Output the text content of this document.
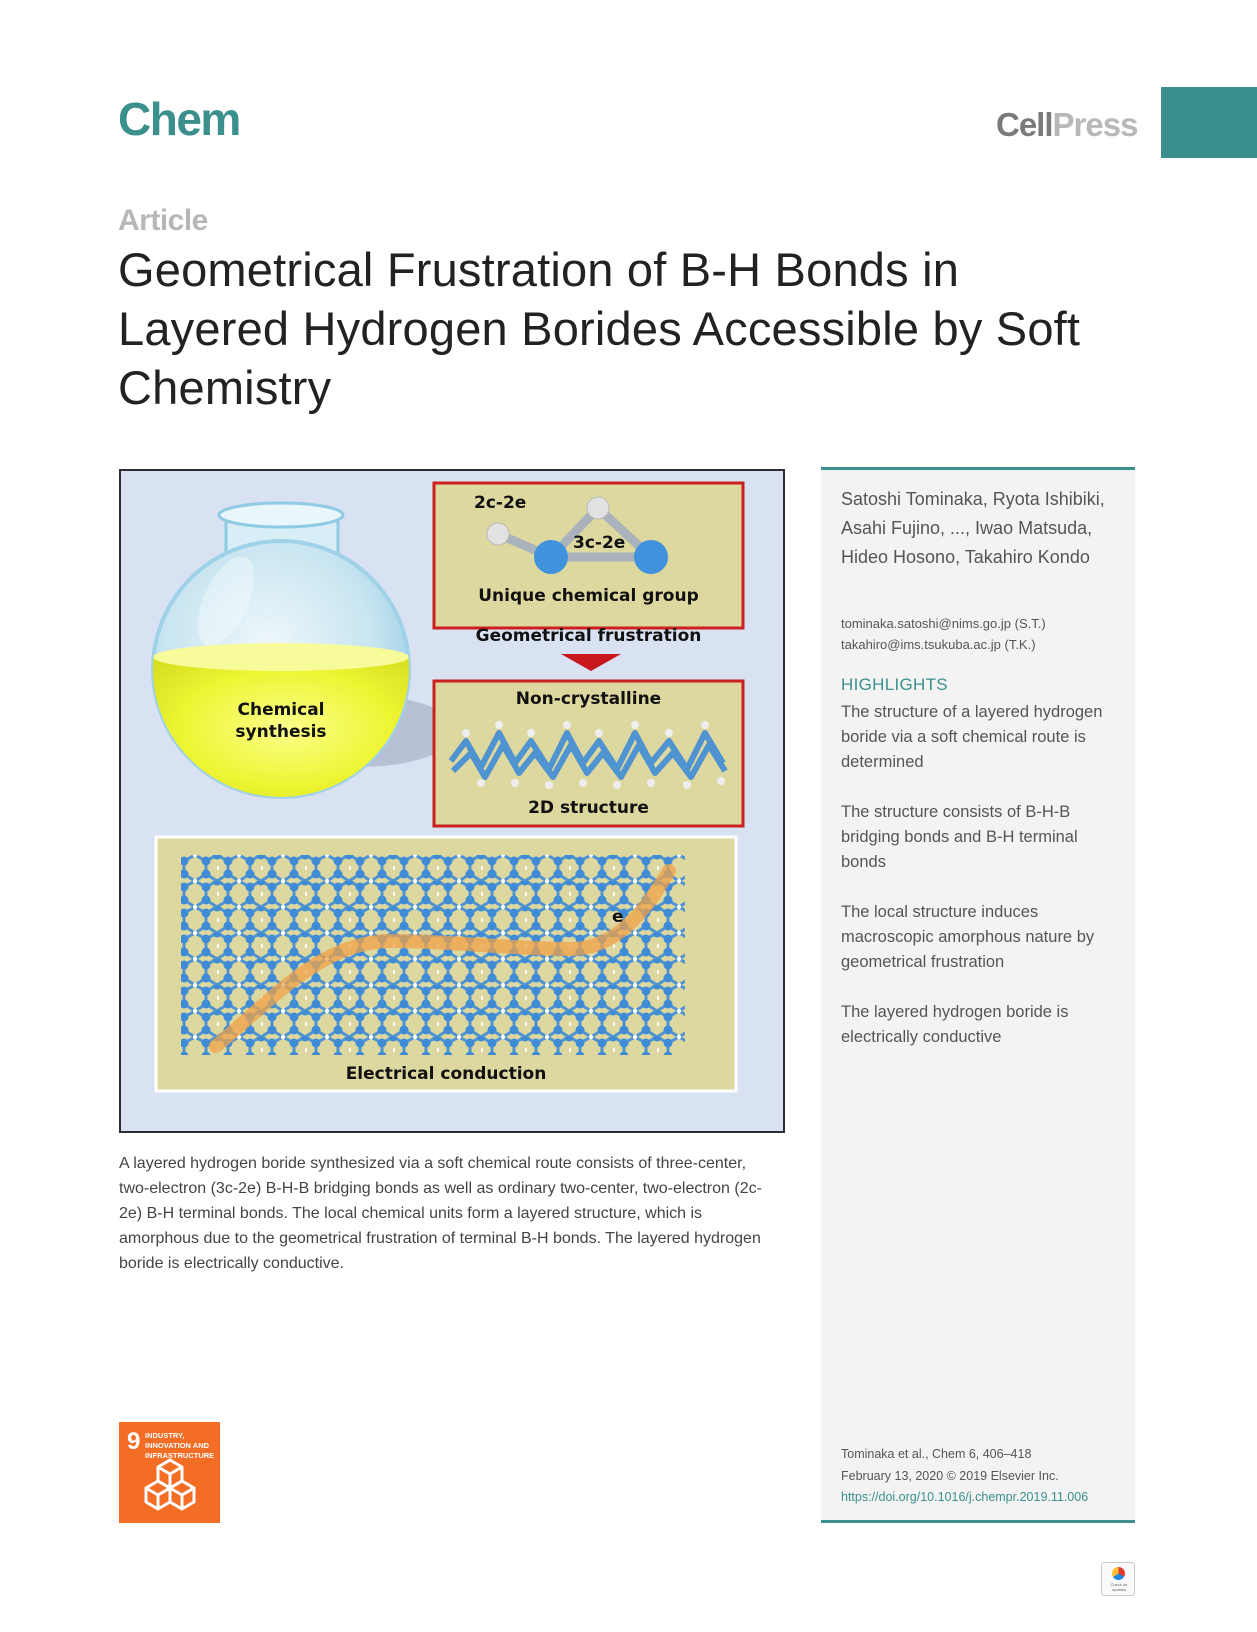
Chem	CellPress
Article
Geometrical Frustration of B-H Bonds in Layered Hydrogen Borides Accessible by Soft Chemistry
2c-2e
3c-2e
Unique chemical group
Geometrical frustration
Non-crystalline
2D structure
Chemical synthesis
e
Electrical conduction

A layered hydrogen boride synthesized via a soft chemical route consists of three-center, two-electron (3c-2e) B-H-B bridging bonds as well as ordinary two-center, two-electron (2c-2e) B-H terminal bonds. The local chemical units form a layered structure, which is amorphous due to the geometrical frustration of terminal B-H bonds. The layered hydrogen boride is electrically conductive.

Satoshi Tominaka, Ryota Ishibiki, Asahi Fujino, ..., Iwao Matsuda, Hideo Hosono, Takahiro Kondo
tominaka.satoshi@nims.go.jp (S.T.)
takahiro@ims.tsukuba.ac.jp (T.K.)
HIGHLIGHTS
The structure of a layered hydrogen boride via a soft chemical route is determined
The structure consists of B-H-B bridging bonds and B-H terminal bonds
The local structure induces macroscopic amorphous nature by geometrical frustration
The layered hydrogen boride is electrically conductive
Tominaka et al., Chem 6, 406–418
February 13, 2020 © 2019 Elsevier Inc.
https://doi.org/10.1016/j.chempr.2019.11.006
9 INDUSTRY, INNOVATION AND INFRASTRUCTURE
Check for updates
